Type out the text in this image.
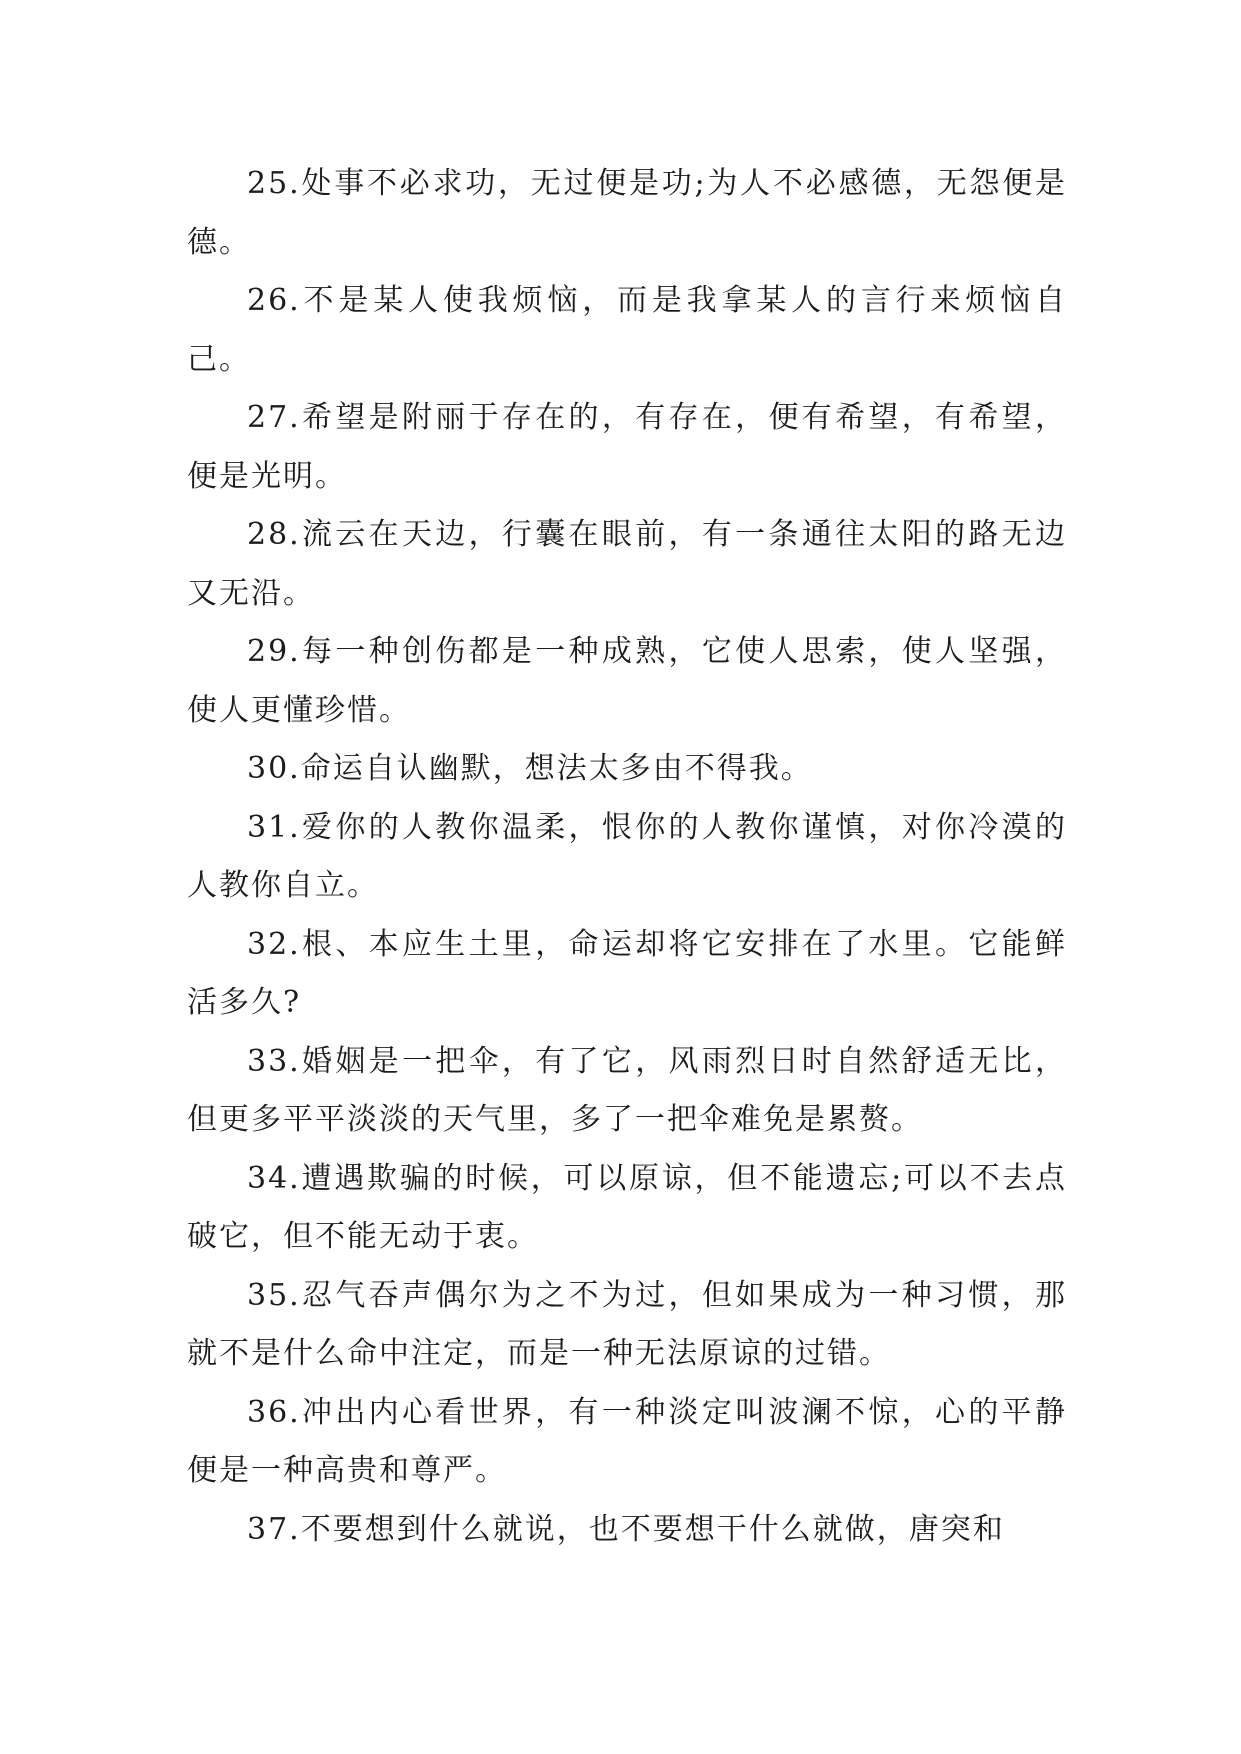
25.处事不必求功，无过便是功;为人不必感德，无怨便是德。

26.不是某人使我烦恼，而是我拿某人的言行来烦恼自己。

27.希望是附丽于存在的，有存在，便有希望，有希望，便是光明。

28.流云在天边，行囊在眼前，有一条通往太阳的路无边又无沿。

29.每一种创伤都是一种成熟，它使人思索，使人坚强，使人更懂珍惜。

30.命运自认幽默，想法太多由不得我。

31.爱你的人教你温柔，恨你的人教你谨慎，对你冷漠的人教你自立。

32.根、本应生土里，命运却将它安排在了水里。它能鲜活多久?

33.婚姻是一把伞，有了它，风雨烈日时自然舒适无比，但更多平平淡淡的天气里，多了一把伞难免是累赘。

34.遭遇欺骗的时候，可以原谅，但不能遗忘;可以不去点破它，但不能无动于衷。

35.忍气吞声偶尔为之不为过，但如果成为一种习惯，那就不是什么命中注定，而是一种无法原谅的过错。

36.冲出内心看世界，有一种淡定叫波澜不惊，心的平静便是一种高贵和尊严。

37.不要想到什么就说，也不要想干什么就做，唐突和
